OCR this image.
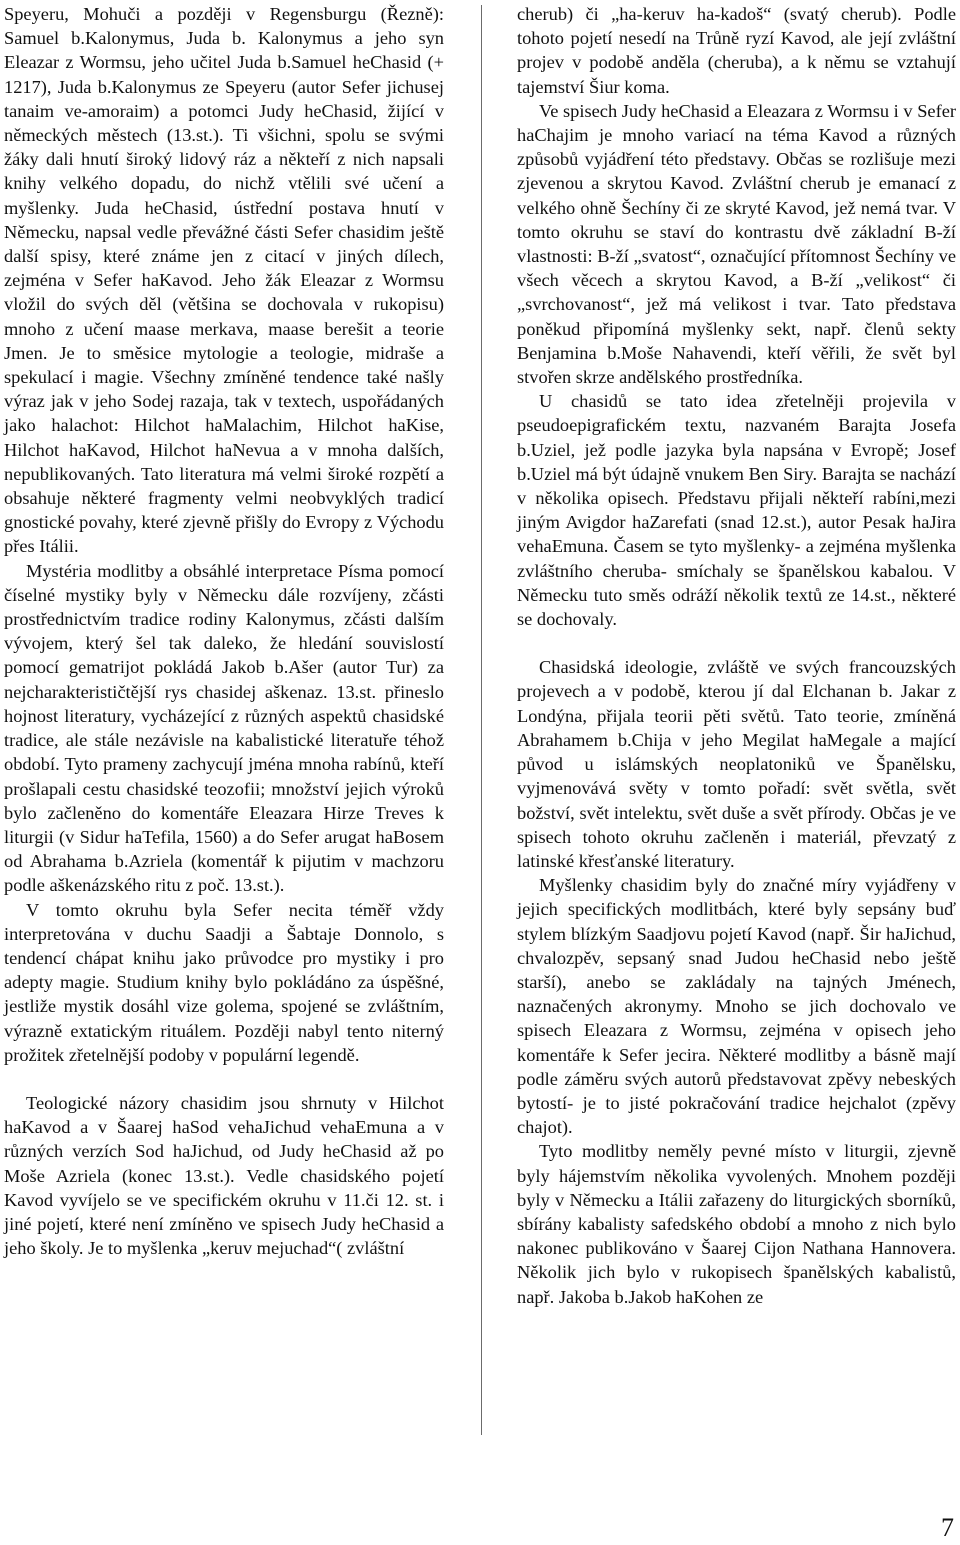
Speyeru, Mohuči a později v Regensburgu (Řezně): Samuel b.Kalonymus, Juda b. Kalonymus a jeho syn Eleazar z Wormsu, jeho učitel Juda b.Samuel heChasid (+ 1217), Juda b.Kalonymus ze Speyeru (autor Sefer jichusej tanaim ve-amoraim) a potomci Judy heChasid, žijící v německých městech (13.st.). Ti všichni, spolu se svými žáky dali hnutí široký lidový ráz a někteří z nich napsali knihy velkého dopadu, do nichž vtělili své učení a myšlenky. Juda heChasid, ústřední postava hnutí v Německu, napsal vedle převážné části Sefer chasidim ještě další spisy, které známe jen z citací v jiných dílech, zejména v Sefer haKavod. Jeho žák Eleazar z Wormsu vložil do svých děl (většina se dochovala v rukopisu) mnoho z učení maase merkava, maase berešit a teorie Jmen. Je to směsice mytologie a teologie, midraše a spekulací i magie. Všechny zmíněné tendence také našly výraz jak v jeho Sodej razaja, tak v textech, uspořádaných jako halachot: Hilchot haMalachim, Hilchot haKise, Hilchot haKavod, Hilchot haNevua a v mnoha dalších, nepublikovaných. Tato literatura má velmi široké rozpětí a obsahuje některé fragmenty velmi neobvyklých tradicí gnostické povahy, které zjevně přišly do Evropy z Východu přes Itálii.

Mystéria modlitby a obsáhlé interpretace Písma pomocí číselné mystiky byly v Německu dále rozvíjeny, zčásti prostřednictvím tradice rodiny Kalonymus, zčásti dalším vývojem, který šel tak daleko, že hledání souvislostí pomocí gematrijot pokládá Jakob b.Ašer (autor Tur) za nejcharakterističtější rys chasidej aškenaz. 13.st. přineslo hojnost literatury, vycházející z různých aspektů chasidské tradice, ale stále nezávisle na kabalistické literatuře téhož období. Tyto prameny zachycují jména mnoha rabínů, kteří prošlapali cestu chasidské teozofii; množství jejich výroků bylo začleněno do komentáře Eleazara Hirze Treves k liturgii (v Sidur haTefila, 1560) a do Sefer arugat haBosem od Abrahama b.Azriela (komentář k pijutim v machzoru podle aškenázského ritu z poč. 13.st.).

V tomto okruhu byla Sefer necita téměř vždy interpretována v duchu Saadji a Šabtaje Donnolo, s tendencí chápat knihu jako průvodce pro mystiky i pro adepty magie. Studium knihy bylo pokládáno za úspěšné, jestliže mystik dosáhl vize golema, spojené se zvláštním, výrazně extatickým rituálem. Později nabyl tento niterný prožitek zřetelnější podoby v populární legendě.

Teologické názory chasidim jsou shrnuty v Hilchot haKavod a v Šaarej haSod vehaJichud vehaEmuna a v různých verzích Sod haJichud, od Judy heChasid až po Moše Azriela (konec 13.st.). Vedle chasidského pojetí Kavod vyvíjelo se ve specifickém okruhu v 11.či 12. st. i jiné pojetí, které není zmíněno ve spisech Judy heChasid a jeho školy. Je to myšlenka „keruv mejuchad“( zvláštní

cherub) či „ha-keruv ha-kadoš“ (svatý cherub). Podle tohoto pojetí nesedí na Trůně ryzí Kavod, ale její zvláštní projev v podobě anděla (cheruba), a k němu se vztahují tajemství Šiur koma.

Ve spisech Judy heChasid a Eleazara z Wormsu i v Sefer haChajim je mnoho variací na téma Kavod a různých způsobů vyjádření této představy. Občas se rozlišuje mezi zjevenou a skrytou Kavod. Zvláštní cherub je emanací z velkého ohně Šechíny či ze skryté Kavod, jež nemá tvar. V tomto okruhu se staví do kontrastu dvě základní B-ží vlastnosti: B-ží „svatost“, označující přítomnost Šechíny ve všech věcech a skrytou Kavod, a B-ží „velikost“ či „svrchovanost“, jež má velikost i tvar. Tato představa poněkud připomíná myšlenky sekt, např. členů sekty Benjamina b.Moše Nahavendi, kteří věřili, že svět byl stvořen skrze andělského prostředníka.

U chasidů se tato idea zřetelněji projevila v pseudoepigrafickém textu, nazvaném Barajta Josefa b.Uziel, jež podle jazyka byla napsána v Evropě; Josef b.Uziel má být údajně vnukem Ben Siry. Barajta se nachází v několika opisech. Představu přijali někteří rabíni,mezi jiným Avigdor haZarefati (snad 12.st.), autor Pesak haJira vehaEmuna. Časem se tyto myšlenky- a zejména myšlenka zvláštního cheruba- smíchaly se španělskou kabalou. V Německu tuto směs odráží několik textů ze 14.st., některé se dochovaly.

Chasidská ideologie, zvláště ve svých francouzských projevech a v podobě, kterou jí dal Elchanan b. Jakar z Londýna, přijala teorii pěti světů. Tato teorie, zmíněná Abrahamem b.Chija v jeho Megilat haMegale a mající původ u islámských neoplatoniků ve Španělsku, vyjmenovává světy v tomto pořadí: svět světla, svět božství, svět intelektu, svět duše a svět přírody. Občas je ve spisech tohoto okruhu začleněn i materiál, převzatý z latinské křesťanské literatury.

Myšlenky chasidim byly do značné míry vyjádřeny v jejich specifických modlitbách, které byly sepsány buď stylem blízkým Saadjovu pojetí Kavod (např. Šir haJichud, chvalozpěv, sepsaný snad Judou heChasid nebo ještě starší), anebo se zakládaly na tajných Jménech, naznačených akronymy. Mnoho se jich dochovalo ve spisech Eleazara z Wormsu, zejména v opisech jeho komentáře k Sefer jecira. Některé modlitby a básně mají podle záměru svých autorů představovat zpěvy nebeských bytostí- je to jisté pokračování tradice hejchalot (zpěvy chajot).

Tyto modlitby neměly pevné místo v liturgii, zjevně byly hájemstvím několika vyvolených. Mnohem později byly v Německu a Itálii zařazeny do liturgických sborníků, sbírány kabalisty safedského období a mnoho z nich bylo nakonec publikováno v Šaarej Cijon Nathana Hannovera. Několik jich bylo v rukopisech španělských kabalistů, např. Jakoba b.Jakob haKohen ze

7
